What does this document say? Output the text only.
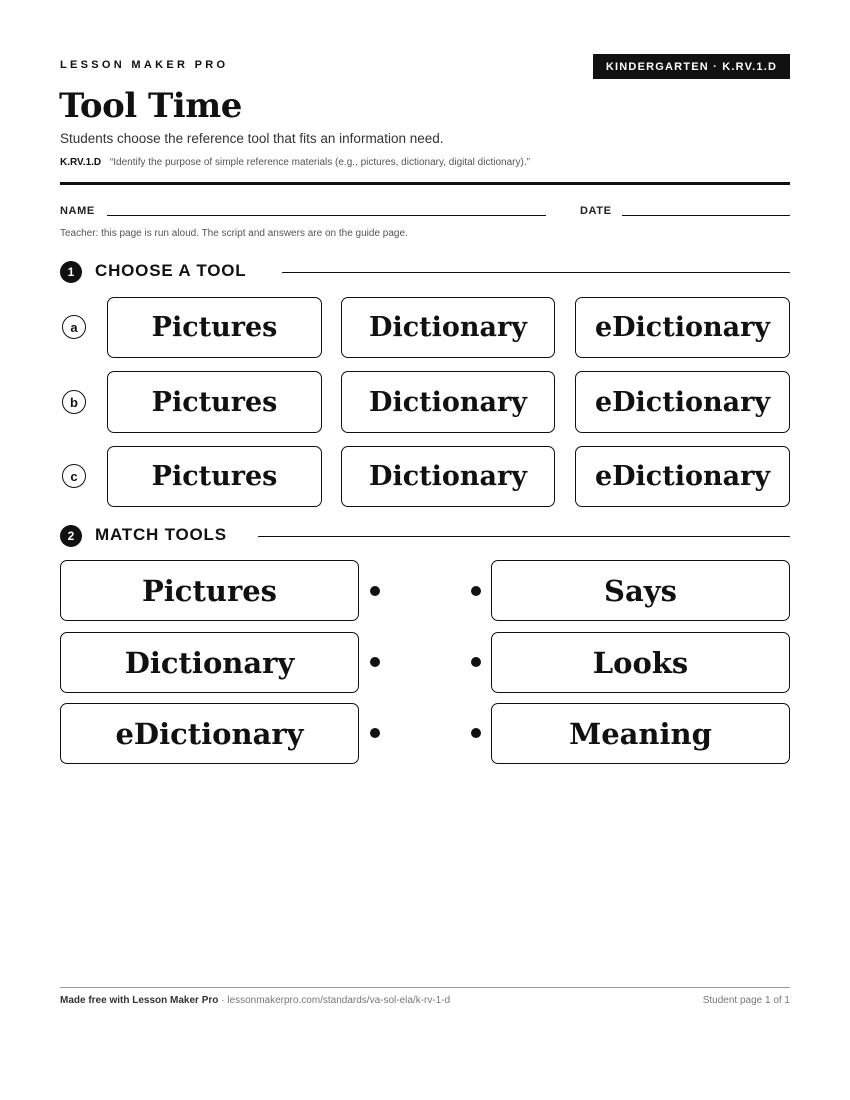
LESSON MAKER PRO	KINDERGARTEN · K.RV.1.D
Tool Time
Students choose the reference tool that fits an information need.
K.RV.1.D “Identify the purpose of simple reference materials (e.g., pictures, dictionary, digital dictionary).”
NAME	DATE
Teacher: this page is run aloud. The script and answers are on the guide page.
1	CHOOSE A TOOL
a	Pictures	Dictionary	eDictionary
b	Pictures	Dictionary	eDictionary
c	Pictures	Dictionary	eDictionary
2	MATCH TOOLS
Pictures	Says
Dictionary	Looks
eDictionary	Meaning
Made free with Lesson Maker Pro · lessonmakerpro.com/standards/va-sol-ela/k-rv-1-d	Student page 1 of 1
